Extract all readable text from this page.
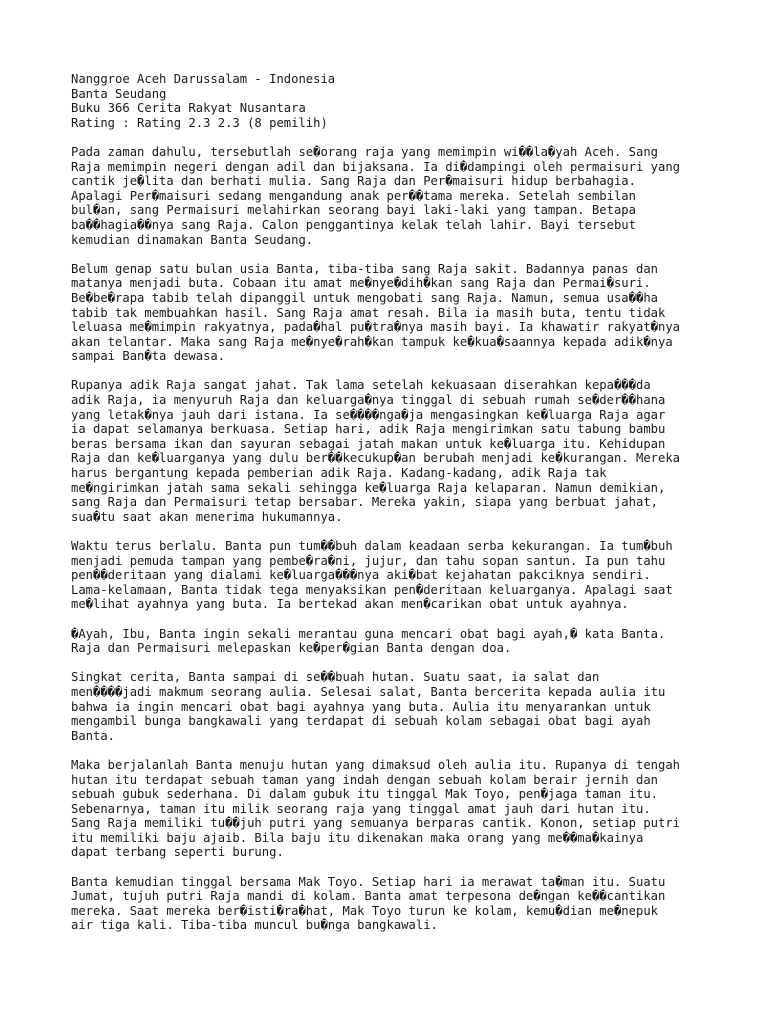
Nanggroe Aceh Darussalam - Indonesia
Banta Seudang
Buku 366 Cerita Rakyat Nusantara
Rating : Rating 2.3 2.3 (8 pemilih)

Pada zaman dahulu, tersebutlah se�orang raja yang memimpin wi��la�yah Aceh. Sang
Raja memimpin negeri dengan adil dan bijaksana. Ia di�dampingi oleh permaisuri yang
cantik je�lita dan berhati mulia. Sang Raja dan Per�maisuri hidup berbahagia.
Apalagi Per�maisuri sedang mengandung anak per��tama mereka. Setelah sembilan
bul�an, sang Permaisuri melahirkan seorang bayi laki-laki yang tampan. Betapa
ba��hagia��nya sang Raja. Calon penggantinya kelak telah lahir. Bayi tersebut
kemudian dinamakan Banta Seudang.

Belum genap satu bulan usia Banta, tiba-tiba sang Raja sakit. Badannya panas dan
matanya menjadi buta. Cobaan itu amat me�nye�dih�kan sang Raja dan Permai�suri.
Be�be�rapa tabib telah dipanggil untuk mengobati sang Raja. Namun, semua usa��ha
tabib tak membuahkan hasil. Sang Raja amat resah. Bila ia masih buta, tentu tidak
leluasa me�mimpin rakyatnya, pada�hal pu�tra�nya masih bayi. Ia khawatir rakyat�nya
akan telantar. Maka sang Raja me�nye�rah�kan tampuk ke�kua�saannya kepada adik�nya
sampai Ban�ta dewasa.

Rupanya adik Raja sangat jahat. Tak lama setelah kekuasaan diserahkan kepa���da
adik Raja, ia menyuruh Raja dan keluarga�nya tinggal di sebuah rumah se�der��hana
yang letak�nya jauh dari istana. Ia se����nga�ja mengasingkan ke�luarga Raja agar
ia dapat selamanya berkuasa. Setiap hari, adik Raja mengirimkan satu tabung bambu
beras bersama ikan dan sayuran sebagai jatah makan untuk ke�luarga itu. Kehidupan
Raja dan ke�luarganya yang dulu ber��kecukup�an berubah menjadi ke�kurangan. Mereka
harus bergantung kepada pemberian adik Raja. Kadang-kadang, adik Raja tak
me�ngirimkan jatah sama sekali sehingga ke�luarga Raja kelaparan. Namun demikian,
sang Raja dan Permaisuri tetap bersabar. Mereka yakin, siapa yang berbuat jahat,
sua�tu saat akan menerima hukumannya.

Waktu terus berlalu. Banta pun tum��buh dalam keadaan serba kekurangan. Ia tum�buh
menjadi pemuda tampan yang pembe�ra�ni, jujur, dan tahu sopan santun. Ia pun tahu
pen��deritaan yang dialami ke�luarga���nya aki�bat kejahatan pakciknya sendiri.
Lama-kelamaan, Banta tidak tega menyaksikan pen�deritaan keluarganya. Apalagi saat
me�lihat ayahnya yang buta. Ia bertekad akan men�carikan obat untuk ayahnya.

�Ayah, Ibu, Banta ingin sekali merantau guna mencari obat bagi ayah,� kata Banta.
Raja dan Permaisuri melepaskan ke�per�gian Banta dengan doa.

Singkat cerita, Banta sampai di se��buah hutan. Suatu saat, ia salat dan
men����jadi makmum seorang aulia. Selesai salat, Banta bercerita kepada aulia itu
bahwa ia ingin mencari obat bagi ayahnya yang buta. Aulia itu menyarankan untuk
mengambil bunga bangkawali yang terdapat di sebuah kolam sebagai obat bagi ayah
Banta.

Maka berjalanlah Banta menuju hutan yang dimaksud oleh aulia itu. Rupanya di tengah
hutan itu terdapat sebuah taman yang indah dengan sebuah kolam berair jernih dan
sebuah gubuk sederhana. Di dalam gubuk itu tinggal Mak Toyo, pen�jaga taman itu.
Sebenarnya, taman itu milik seorang raja yang tinggal amat jauh dari hutan itu.
Sang Raja memiliki tu��juh putri yang semuanya berparas cantik. Konon, setiap putri
itu memiliki baju ajaib. Bila baju itu dikenakan maka orang yang me��ma�kainya
dapat terbang seperti burung.

Banta kemudian tinggal bersama Mak Toyo. Setiap hari ia merawat ta�man itu. Suatu
Jumat, tujuh putri Raja mandi di kolam. Banta amat terpesona de�ngan ke��cantikan
mereka. Saat mereka ber�isti�ra�hat, Mak Toyo turun ke kolam, kemu�dian me�nepuk
air tiga kali. Tiba-tiba muncul bu�nga bangkawali.
